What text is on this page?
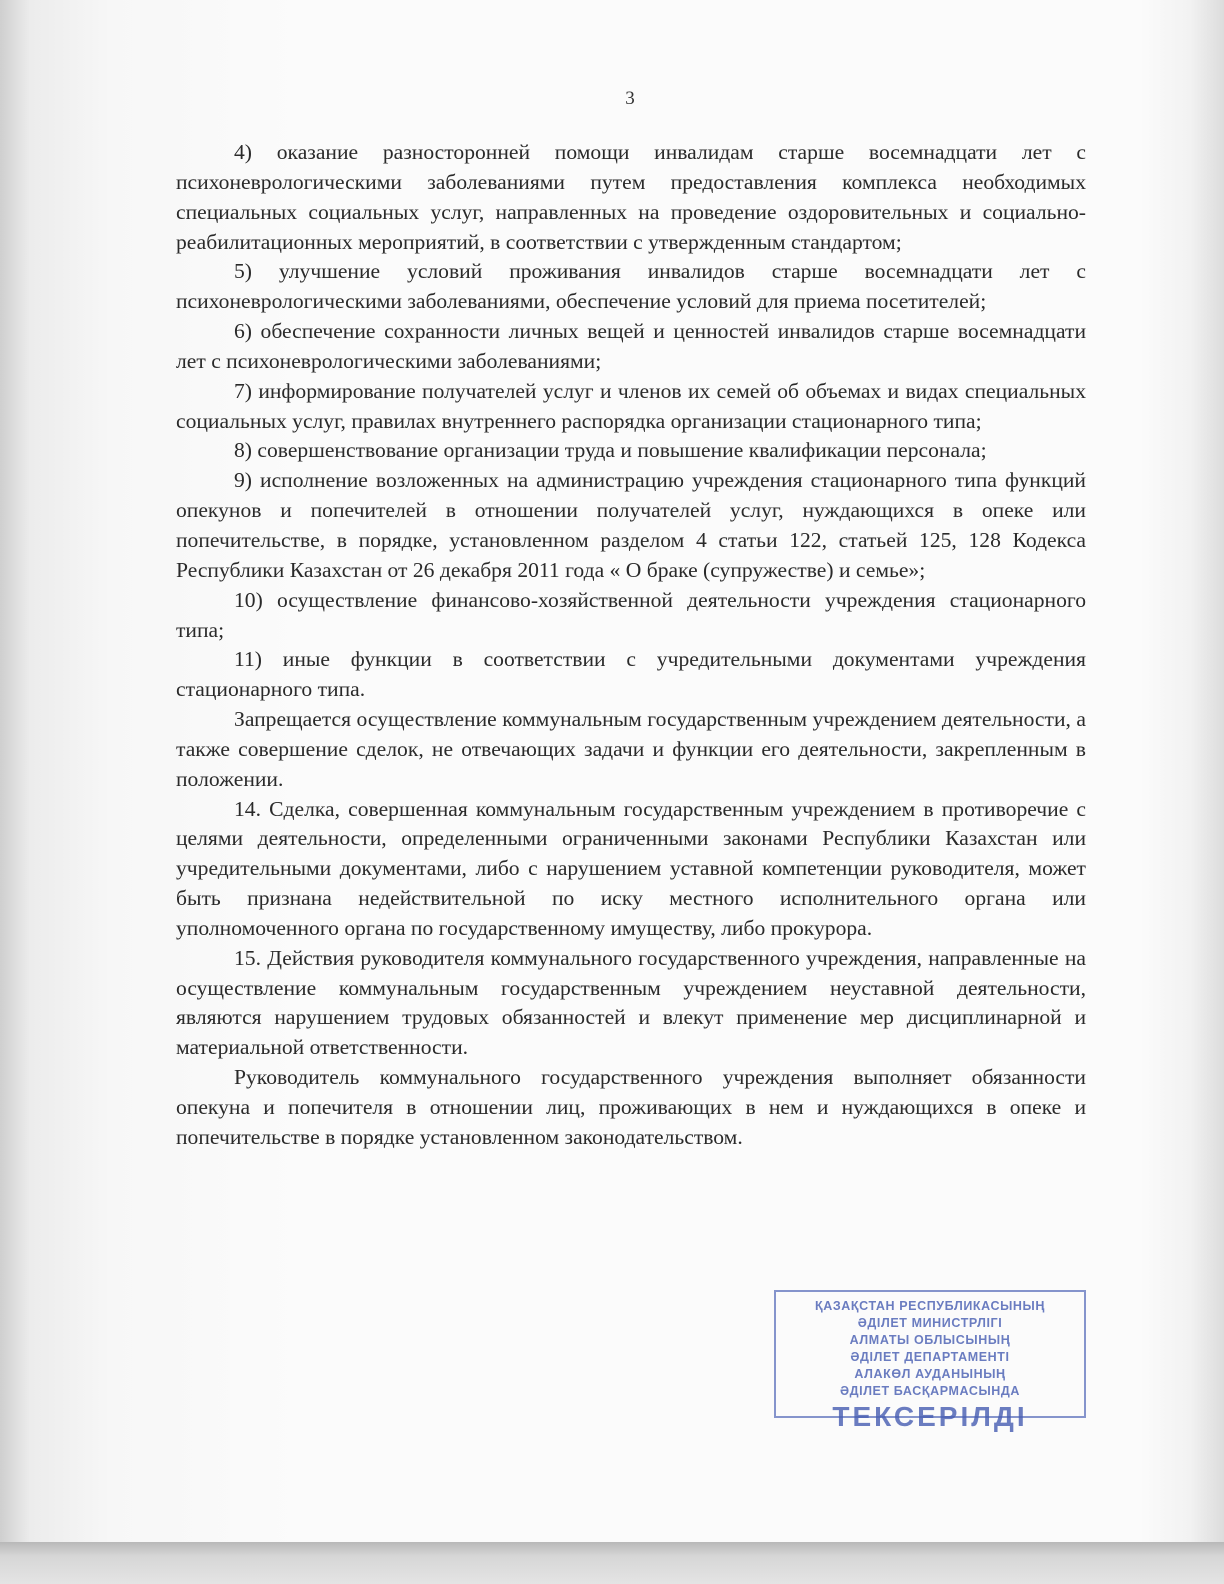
3

4) оказание разносторонней помощи инвалидам старше восемнадцати лет с психоневрологическими заболеваниями путем предоставления комплекса необходимых специальных социальных услуг, направленных на проведение оздоровительных и социально-реабилитационных мероприятий, в соответствии с утвержденным стандартом;

5) улучшение условий проживания инвалидов старше восемнадцати лет с психоневрологическими заболеваниями, обеспечение условий для приема посетителей;

6) обеспечение сохранности личных вещей и ценностей инвалидов старше восемнадцати лет с психоневрологическими заболеваниями;

7) информирование получателей услуг и членов их семей об объемах и видах специальных социальных услуг, правилах внутреннего распорядка организации стационарного типа;

8) совершенствование организации труда и повышение квалификации персонала;

9) исполнение возложенных на администрацию учреждения стационарного типа функций опекунов и попечителей в отношении получателей услуг, нуждающихся в опеке или попечительстве, в порядке, установленном разделом 4 статьи 122, статьей 125, 128 Кодекса Республики Казахстан от 26 декабря 2011 года « О браке (супружестве) и семье»;

10) осуществление финансово-хозяйственной деятельности учреждения стационарного типа;

11) иные функции в соответствии с учредительными документами учреждения стационарного типа.

Запрещается осуществление коммунальным государственным учреждением деятельности, а также совершение сделок, не отвечающих задачи и функции его деятельности, закрепленным в положении.

14. Сделка, совершенная коммунальным государственным учреждением в противоречие с целями деятельности, определенными ограниченными законами Республики Казахстан или учредительными документами, либо с нарушением уставной компетенции руководителя, может быть признана недействительной по иску местного исполнительного органа или уполномоченного органа по государственному имуществу, либо прокурора.

15. Действия руководителя коммунального государственного учреждения, направленные на осуществление коммунальным государственным учреждением неуставной деятельности, являются нарушением трудовых обязанностей и влекут применение мер дисциплинарной и материальной ответственности.

Руководитель коммунального государственного учреждения выполняет обязанности опекуна и попечителя в отношении лиц, проживающих в нем и нуждающихся в опеке и попечительстве в порядке установленном законодательством.

ҚАЗАҚСТАН РЕСПУБЛИКАСЫНЫҢ
ӘДІЛЕТ МИНИСТРЛІГІ
АЛМАТЫ ОБЛЫСЫНЫҢ
ӘДІЛЕТ ДЕПАРТАМЕНТІ
АЛАКӨЛ АУДАНЫНЫҢ
ӘДІЛЕТ БАСҚАРМАСЫНДА
ТЕКСЕРІЛДІ
